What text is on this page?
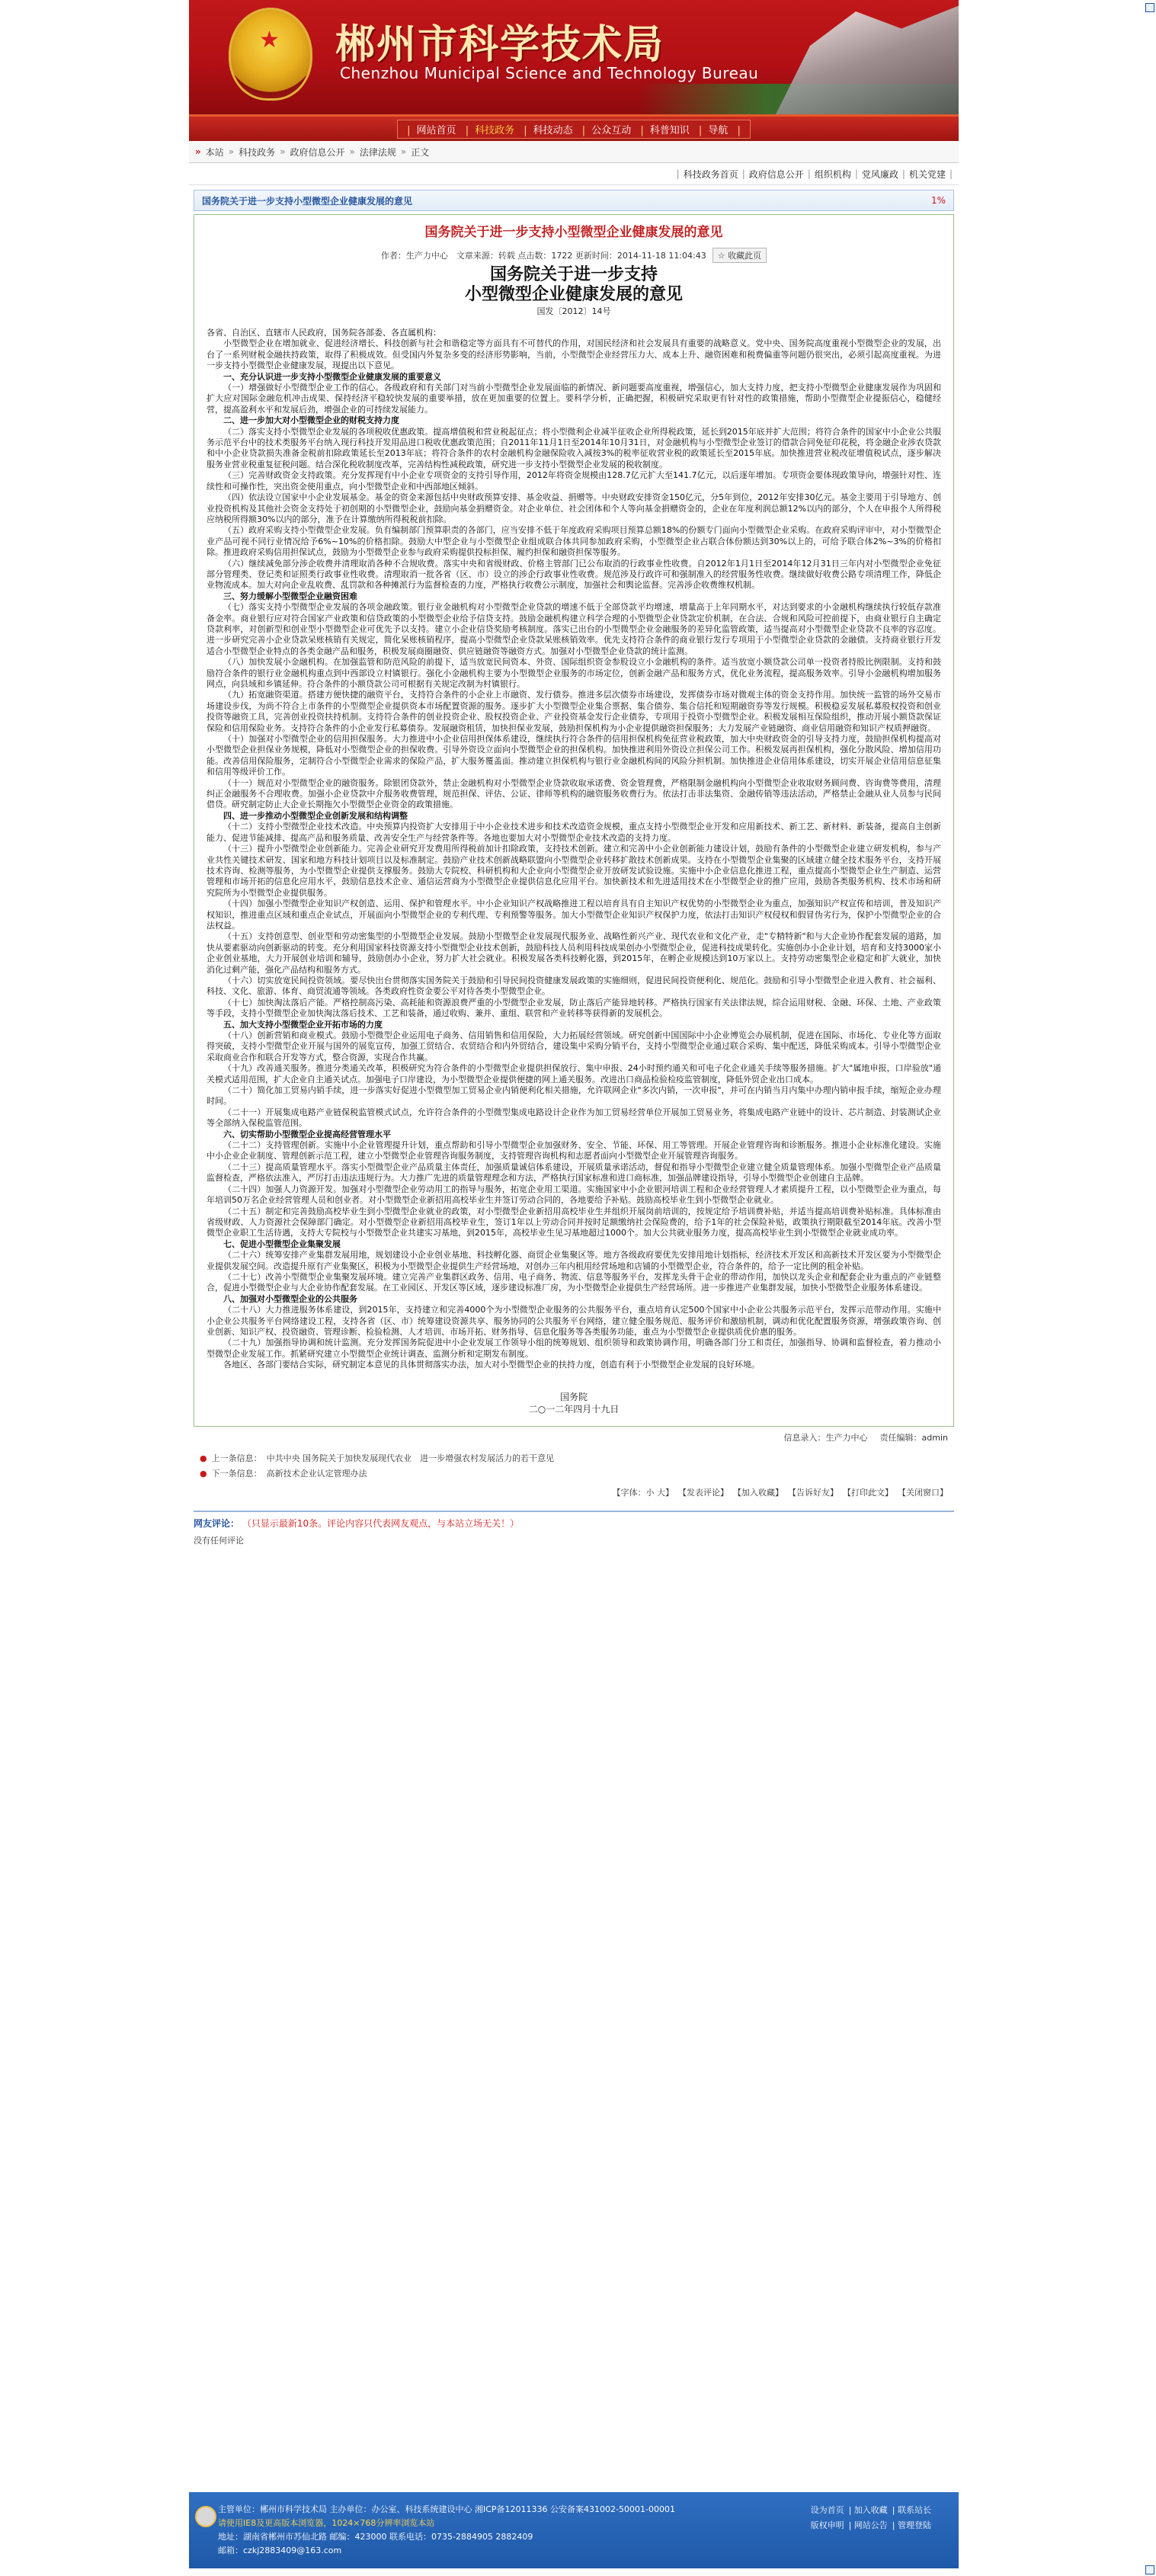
★
郴州市科学技术局
Chenzhou Municipal Science and Technology Bureau
| 网站首页 | 科技政务 | 科技动态 | 公众互动 | 科普知识 | 导航 |
» 本站 » 科技政务 » 政府信息公开 » 法律法规 » 正文
| 科技政务首页 | 政府信息公开 | 组织机构 | 党风廉政 | 机关党建 |
国务院关于进一步支持小型微型企业健康发展的意见	1%
国务院关于进一步支持小型微型企业健康发展的意见
作者：生产力中心　文章来源：转载 点击数：1722 更新时间：2014-11-18 11:04:43	☆ 收藏此页
国务院关于进一步支持
小型微型企业健康发展的意见
国发〔2012〕14号

各省、自治区、直辖市人民政府，国务院各部委、各直属机构：

小型微型企业在增加就业、促进经济增长、科技创新与社会和谐稳定等方面具有不可替代的作用，对国民经济和社会发展具有重要的战略意义。党中央、国务院高度重视小型微型企业的发展，出台了一系列财税金融扶持政策，取得了积极成效。但受国内外复杂多变的经济形势影响，当前，小型微型企业经营压力大、成本上升、融资困难和税费偏重等问题仍很突出，必须引起高度重视。为进一步支持小型微型企业健康发展，现提出以下意见。

一、充分认识进一步支持小型微型企业健康发展的重要意义

（一）增强做好小型微型企业工作的信心。各级政府和有关部门对当前小型微型企业发展面临的新情况、新问题要高度重视，增强信心，加大支持力度，把支持小型微型企业健康发展作为巩固和扩大应对国际金融危机冲击成果、保持经济平稳较快发展的重要举措，放在更加重要的位置上。要科学分析，正确把握，积极研究采取更有针对性的政策措施，帮助小型微型企业提振信心，稳健经营，提高盈利水平和发展后劲，增强企业的可持续发展能力。

二、进一步加大对小型微型企业的财税支持力度

（二）落实支持小型微型企业发展的各项税收优惠政策。提高增值税和营业税起征点；将小型微利企业减半征收企业所得税政策，延长到2015年底并扩大范围；将符合条件的国家中小企业公共服务示范平台中的技术类服务平台纳入现行科技开发用品进口税收优惠政策范围；自2011年11月1日至2014年10月31日，对金融机构与小型微型企业签订的借款合同免征印花税，将金融企业涉农贷款和中小企业贷款损失准备金税前扣除政策延长至2013年底；将符合条件的农村金融机构金融保险收入减按3%的税率征收营业税的政策延长至2015年底。加快推进营业税改征增值税试点，逐步解决服务业营业税重复征税问题。结合深化税收制度改革，完善结构性减税政策，研究进一步支持小型微型企业发展的税收制度。

（三）完善财政资金支持政策。充分发挥现有中小企业专项资金的支持引导作用，2012年将资金规模由128.7亿元扩大至141.7亿元，以后逐年增加。专项资金要体现政策导向，增强针对性、连续性和可操作性，突出资金使用重点，向小型微型企业和中西部地区倾斜。

（四）依法设立国家中小企业发展基金。基金的资金来源包括中央财政预算安排、基金收益、捐赠等。中央财政安排资金150亿元，分5年到位，2012年安排30亿元。基金主要用于引导地方、创业投资机构及其他社会资金支持处于初创期的小型微型企业，鼓励向基金捐赠资金。对企业单位、社会团体和个人等向基金捐赠资金的，企业在年度利润总额12%以内的部分，个人在申报个人所得税应纳税所得额30%以内的部分，准予在计算缴纳所得税税前扣除。

（五）政府采购支持小型微型企业发展。负有编制部门预算职责的各部门，应当安排不低于年度政府采购项目预算总额18%的份额专门面向小型微型企业采购。在政府采购评审中，对小型微型企业产品可视不同行业情况给予6%~10%的价格扣除。鼓励大中型企业与小型微型企业组成联合体共同参加政府采购，小型微型企业占联合体份额达到30%以上的，可给予联合体2%~3%的价格扣除。推进政府采购信用担保试点，鼓励为小型微型企业参与政府采购提供投标担保、履约担保和融资担保等服务。

（六）继续减免部分涉企收费并清理取消各种不合规收费。落实中央和省级财政、价格主管部门已公布取消的行政事业性收费。自2012年1月1日至2014年12月31日三年内对小型微型企业免征部分管理类、登记类和证照类行政事业性收费。清理取消一批各省（区、市）设立的涉企行政事业性收费。规范涉及行政许可和强制准入的经营服务性收费。继续做好收费公路专项清理工作，降低企业物流成本。加大对向企业乱收费、乱罚款和各种摊派行为监督检查的力度，严格执行收费公示制度，加强社会和舆论监督。完善涉企收费维权机制。

三、努力缓解小型微型企业融资困难

（七）落实支持小型微型企业发展的各项金融政策。银行业金融机构对小型微型企业贷款的增速不低于全部贷款平均增速，增量高于上年同期水平，对达到要求的小金融机构继续执行较低存款准备金率。商业银行应对符合国家产业政策和信贷政策的小型微型企业给予信贷支持。鼓励金融机构建立科学合理的小型微型企业贷款定价机制，在合法、合规和风险可控前提下，由商业银行自主确定贷款利率，对创新型和创业型小型微型企业可优先予以支持。建立小企业信贷奖励考核制度。落实已出台的小型微型企业金融服务的差异化监管政策，适当提高对小型微型企业贷款不良率的容忍度。进一步研究完善小企业贷款呆账核销有关规定，简化呆账核销程序，提高小型微型企业贷款呆账核销效率。优先支持符合条件的商业银行发行专项用于小型微型企业贷款的金融债。支持商业银行开发适合小型微型企业特点的各类金融产品和服务，积极发展商圈融资、供应链融资等融资方式。加强对小型微型企业贷款的统计监测。

（八）加快发展小金融机构。在加强监管和防范风险的前提下，适当放宽民间资本、外资、国际组织资金参股设立小金融机构的条件。适当放宽小额贷款公司单一投资者持股比例限制。支持和鼓励符合条件的银行业金融机构重点到中西部设立村镇银行。强化小金融机构主要为小型微型企业服务的市场定位，创新金融产品和服务方式，优化业务流程，提高服务效率。引导小金融机构增加服务网点，向县域和乡镇延伸。符合条件的小额贷款公司可根据有关规定改制为村镇银行。

（九）拓宽融资渠道。搭建方便快捷的融资平台，支持符合条件的小企业上市融资、发行债券。推进多层次债券市场建设，发挥债券市场对微观主体的资金支持作用。加快统一监管的场外交易市场建设步伐，为尚不符合上市条件的小型微型企业提供资本市场配置资源的服务。逐步扩大小型微型企业集合票据、集合债券、集合信托和短期融资券等发行规模。积极稳妥发展私募股权投资和创业投资等融资工具，完善创业投资扶持机制。支持符合条件的创业投资企业、股权投资企业、产业投资基金发行企业债券，专项用于投资小型微型企业。积极发展相互保险组织，推动开展小额贷款保证保险和信用保险业务。支持符合条件的小企业发行私募债券。发展融资租赁，加快担保业发展，鼓励担保机构为小企业提供融资担保服务；大力发展产业链融资、商业信用融资和知识产权质押融资。

（十）加强对小型微型企业的信用担保服务。大力推进中小企业信用担保体系建设，继续执行符合条件的信用担保机构免征营业税政策，加大中央财政资金的引导支持力度，鼓励担保机构提高对小型微型企业担保业务规模，降低对小型微型企业的担保收费。引导外资设立面向小型微型企业的担保机构。加快推进利用外资设立担保公司工作。积极发展再担保机构，强化分散风险、增加信用功能。改善信用保险服务，定制符合小型微型企业需求的保险产品，扩大服务覆盖面。推动建立担保机构与银行业金融机构间的风险分担机制。加快推进企业信用体系建设，切实开展企业信用信息征集和信用等级评价工作。

（十一）规范对小型微型企业的融资服务。除银团贷款外，禁止金融机构对小型微型企业贷款收取承诺费、资金管理费，严格限制金融机构向小型微型企业收取财务顾问费、咨询费等费用，清理纠正金融服务不合理收费。加强小企业贷款中介服务收费管理，规范担保、评估、公证、律师等机构的融资服务收费行为。依法打击非法集资、金融传销等违法活动，严格禁止金融从业人员参与民间借贷。研究制定防止大企业长期拖欠小型微型企业资金的政策措施。

四、进一步推动小型微型企业创新发展和结构调整

（十二）支持小型微型企业技术改造。中央预算内投资扩大安排用于中小企业技术进步和技术改造资金规模，重点支持小型微型企业开发和应用新技术、新工艺、新材料、新装备，提高自主创新能力、促进节能减排、提高产品和服务质量、改善安全生产与经营条件等。各地也要加大对小型微型企业技术改造的支持力度。

（十三）提升小型微型企业创新能力。完善企业研究开发费用所得税前加计扣除政策，支持技术创新。建立和完善中小企业创新能力建设计划，鼓励有条件的小型微型企业建立研发机构，参与产业共性关键技术研发、国家和地方科技计划项目以及标准制定。鼓励产业技术创新战略联盟向小型微型企业转移扩散技术创新成果。支持在小型微型企业集聚的区域建立健全技术服务平台，支持开展技术咨询、检测等服务，为小型微型企业提供支撑服务。鼓励大专院校、科研机构和大企业向小型微型企业开放研发试验设施。实施中小企业信息化推进工程，重点提高小型微型企业生产制造、运营管理和市场开拓的信息化应用水平，鼓励信息技术企业、通信运营商为小型微型企业提供信息化应用平台。加快新技术和先进适用技术在小型微型企业的推广应用，鼓励各类服务机构、技术市场和研究院所为小型微型企业提供服务。

（十四）加强小型微型企业知识产权创造、运用、保护和管理水平。中小企业知识产权战略推进工程以培育具有自主知识产权优势的小型微型企业为重点，加强知识产权宣传和培训，普及知识产权知识，推进重点区域和重点企业试点，开展面向小型微型企业的专利代理、专利预警等服务。加大小型微型企业知识产权保护力度，依法打击知识产权侵权和假冒伪劣行为，保护小型微型企业的合法权益。

（十五）支持创意型、创业型和劳动密集型的小型微型企业发展。鼓励小型微型企业发展现代服务业、战略性新兴产业、现代农业和文化产业，走"专精特新"和与大企业协作配套发展的道路，加快从要素驱动向创新驱动的转变。充分利用国家科技资源支持小型微型企业技术创新，鼓励科技人员利用科技成果创办小型微型企业，促进科技成果转化。实施创办小企业计划，培育和支持3000家小企业创业基地，大力开展创业培训和辅导，鼓励创办小企业，努力扩大社会就业。积极发展各类科技孵化器，到2015年，在孵企业规模达到10万家以上。支持劳动密集型企业稳定和扩大就业，加快消化过剩产能，强化产品结构和服务方式。

（十六）切实放宽民间投资领域。要尽快出台贯彻落实国务院关于鼓励和引导民间投资健康发展政策的实施细则，促进民间投资便利化、规范化。鼓励和引导小型微型企业进入教育、社会福利、科技、文化、旅游、体育、商贸流通等领域。各类政府性资金要公平对待各类小型微型企业。

（十七）加快淘汰落后产能。严格控制高污染、高耗能和资源浪费严重的小型微型企业发展，防止落后产能异地转移。严格执行国家有关法律法规，综合运用财税、金融、环保、土地、产业政策等手段，支持小型微型企业加快淘汰落后技术、工艺和装备，通过收购、兼并、重组、联营和产业转移等获得新的发展机会。

五、加大支持小型微型企业开拓市场的力度

（十八）创新营销和商业模式。鼓励小型微型企业运用电子商务、信用销售和信用保险，大力拓展经营领域。研究创新中国国际中小企业博览会办展机制，促进在国际、市场化、专业化等方面取得突破，支持小型微型企业开展与国外的展览宣传，加强工贸结合、农贸结合和内外贸结合，建设集中采购分销平台，支持小型微型企业通过联合采购、集中配送，降低采购成本。引导小型微型企业采取商业合作和联合开发等方式，整合资源，实现合作共赢。

（十九）改善通关服务。推进分类通关改革，积极研究为符合条件的小型微型企业提供担保放行、集中申报、24小时预约通关和可电子化企业通关手续等服务措施。扩大"属地申报，口岸验放"通关模式适用范围，扩大企业自主通关试点。加强电子口岸建设，为小型微型企业提供便捷的网上通关服务。改进出口商品检验检疫监管制度，降低外贸企业出口成本。

（二十）简化加工贸易内销手续，进一步落实好促进小型微型加工贸易企业内销便利化相关措施，允许联网企业"多次内销，一次申报"，并可在内销当月内集中办理内销申报手续，缩短企业办理时间。

（二十一）开展集成电路产业链保税监管模式试点，允许符合条件的小型微型集成电路设计企业作为加工贸易经营单位开展加工贸易业务，将集成电路产业链中的设计、芯片制造、封装测试企业等全部纳入保税监管范围。

六、切实帮助小型微型企业提高经营管理水平

（二十二）支持管理创新。实施中小企业管理提升计划，重点帮助和引导小型微型企业加强财务、安全、节能、环保、用工等管理。开展企业管理咨询和诊断服务。推进小企业标准化建设。实施中小企业企业制度、管理创新示范工程，建立小型微型企业管理咨询服务制度，支持管理咨询机构和志愿者面向小型微型企业开展管理咨询服务。

（二十三）提高质量管理水平。落实小型微型企业产品质量主体责任，加强质量诚信体系建设，开展质量承诺活动，督促和指导小型微型企业建立健全质量管理体系。加强小型微型企业产品质量监督检查，严格依法准入，严厉打击违法违规行为。大力推广先进的质量管理理念和方法，严格执行国家标准和进口商标准，加强品牌建设指导，引导小型微型企业创建自主品牌。

（二十四）加强人力资源开发。加强对小型微型企业劳动用工的指导与服务，拓宽企业用工渠道。实施国家中小企业银河培训工程和企业经营管理人才素质提升工程，以小型微型企业为重点，每年培训50万名企业经营管理人员和创业者。对小型微型企业新招用高校毕业生并签订劳动合同的，各地要给予补贴。鼓励高校毕业生到小型微型企业就业。

（二十五）制定和完善鼓励高校毕业生到小型微型企业就业的政策，对小型微型企业新招用高校毕业生并组织开展岗前培训的，按规定给予培训费补贴，并适当提高培训费补贴标准。具体标准由省级财政、人力资源社会保障部门确定。对小型微型企业新招用高校毕业生，签订1年以上劳动合同并按时足额缴纳社会保险费的，给予1年的社会保险补贴，政策执行期限截至2014年底。改善小型微型企业职工生活待遇，支持大专院校与小型微型企业共建实习基地，到2015年，高校毕业生见习基地超过1000个。加大公共就业服务力度，提高高校毕业生到小型微型企业就业成功率。

七、促进小型微型企业集聚发展

（二十六）统筹安排产业集群发展用地，规划建设小企业创业基地、科技孵化器、商贸企业集聚区等。地方各级政府要优先安排用地计划指标，经济技术开发区和高新技术开发区要为小型微型企业提供发展空间。改造提升原有产业集聚区，积极为小型微型企业提供生产经营场地，对创办三年内租用经营场地和店铺的小型微型企业，符合条件的，给予一定比例的租金补贴。

（二十七）改善小型微型企业集聚发展环境。建立完善产业集群区政务、信用、电子商务、物流、信息等服务平台，发挥龙头骨干企业的带动作用，加快以龙头企业和配套企业为重点的产业链整合，促进小型微型企业与大企业协作配套发展。在工业园区、开发区等区域，逐步建设标准厂房，为小型微型企业提供生产经营场所。进一步推进产业集群发展，加快小型微型企业服务体系建设。

八、加强对小型微型企业的公共服务

（二十八）大力推进服务体系建设，到2015年，支持建立和完善4000个为小型微型企业服务的公共服务平台，重点培育认定500个国家中小企业公共服务示范平台，发挥示范带动作用。实施中小企业公共服务平台网络建设工程，支持各省（区、市）统筹建设资源共享、服务协同的公共服务平台网络，建立健全服务规范、服务评价和激励机制，调动和优化配置服务资源，增强政策咨询、创业创新、知识产权、投资融资、管理诊断、检验检测、人才培训、市场开拓、财务指导、信息化服务等各类服务功能，重点为小型微型企业提供质优价惠的服务。

（二十九）加强指导协调和统计监测。充分发挥国务院促进中小企业发展工作领导小组的统筹规划、组织领导和政策协调作用，明确各部门分工和责任，加强指导、协调和监督检查，着力推动小型微型企业发展工作。抓紧研究建立小型微型企业统计调查、监测分析和定期发布制度。

各地区、各部门要结合实际，研究制定本意见的具体贯彻落实办法，加大对小型微型企业的扶持力度，创造有利于小型微型企业发展的良好环境。

国务院
二○一二年四月十九日
信息录入：生产力中心 责任编辑：admin
● 上一条信息： 中共中央 国务院关于加快发展现代农业　进一步增强农村发展活力的若干意见
● 下一条信息： 高新技术企业认定管理办法
【字体：小 大】 【发表评论】 【加入收藏】 【告诉好友】 【打印此文】 【关闭窗口】
网友评论： （只显示最新10条。评论内容只代表网友观点，与本站立场无关！）
没有任何评论
主管单位：郴州市科学技术局 主办单位：办公室、科技系统建设中心 湘ICP备12011336 公安备案431002-50001-00001
请使用IE8及更高版本浏览器，1024×768分辨率浏览本站
地址：湖南省郴州市苏仙北路 邮编：423000 联系电话：0735-2884905 2882409
邮箱：czkj2883409@163.com
设为首页 | 加入收藏 | 联系站长
版权申明 | 网站公告 | 管理登陆
